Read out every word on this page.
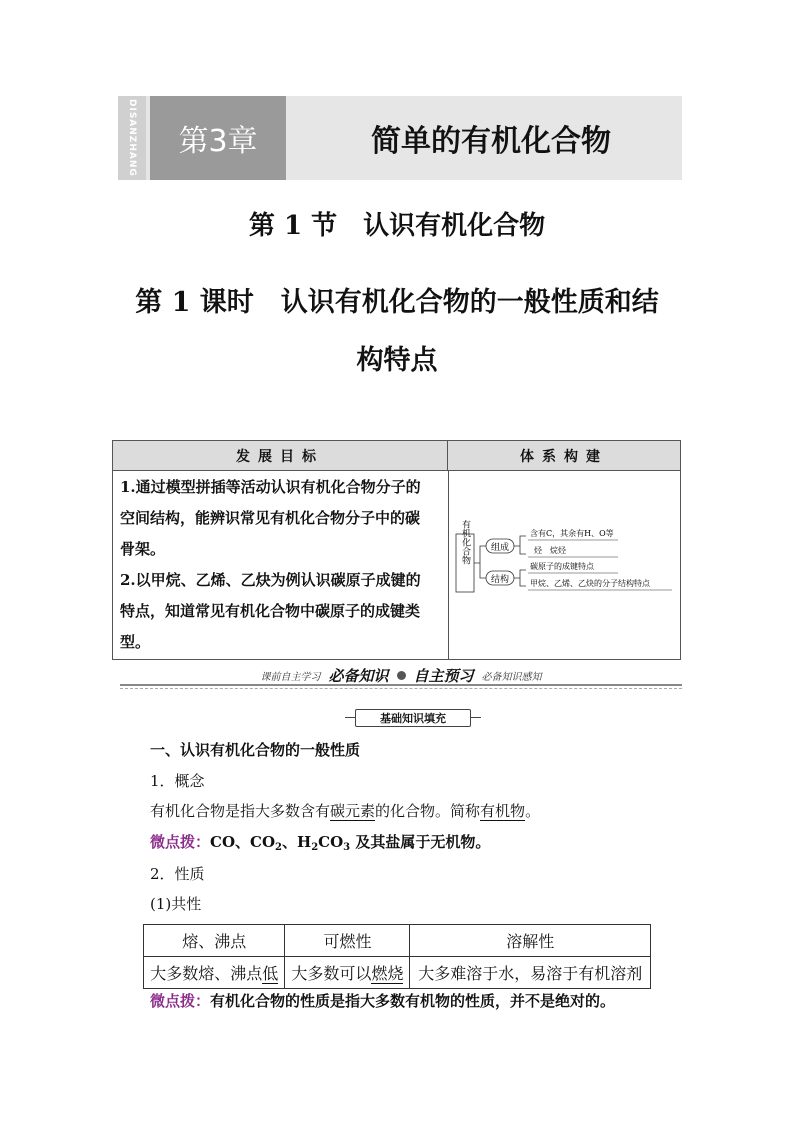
DISANZHANG	第3章	简单的有机化合物
第 1 节　认识有机化合物
第 1 课时　认识有机化合物的一般性质和结
构特点
发展目标	体系构建
1.通过模型拼插等活动认识有机化合物分子的
空间结构，能辨识常见有机化合物分子中的碳
骨架。
2.以甲烷、乙烯、乙炔为例认识碳原子成键的
特点，知道常见有机化合物中碳原子的成键类
型。
有机化合物 组成
结构
含有C，其余有H、O等
烃　烷烃
碳原子的成键特点
甲烷、乙烯、乙炔的分子结构特点
课前自主学习 必备知识 自主预习 必备知识感知
基础知识填充
一、认识有机化合物的一般性质
1．概念
有机化合物是指大多数含有碳元素的化合物。简称有机物。
微点拨：CO、$CO_2$、$H_2CO_3$ 及其盐属于无机物。
2．性质
(1)共性
熔、沸点	可燃性	溶解性
大多数熔、沸点低	大多数可以燃烧	大多难溶于水，易溶于有机溶剂
微点拨：有机化合物的性质是指大多数有机物的性质，并不是绝对的。
